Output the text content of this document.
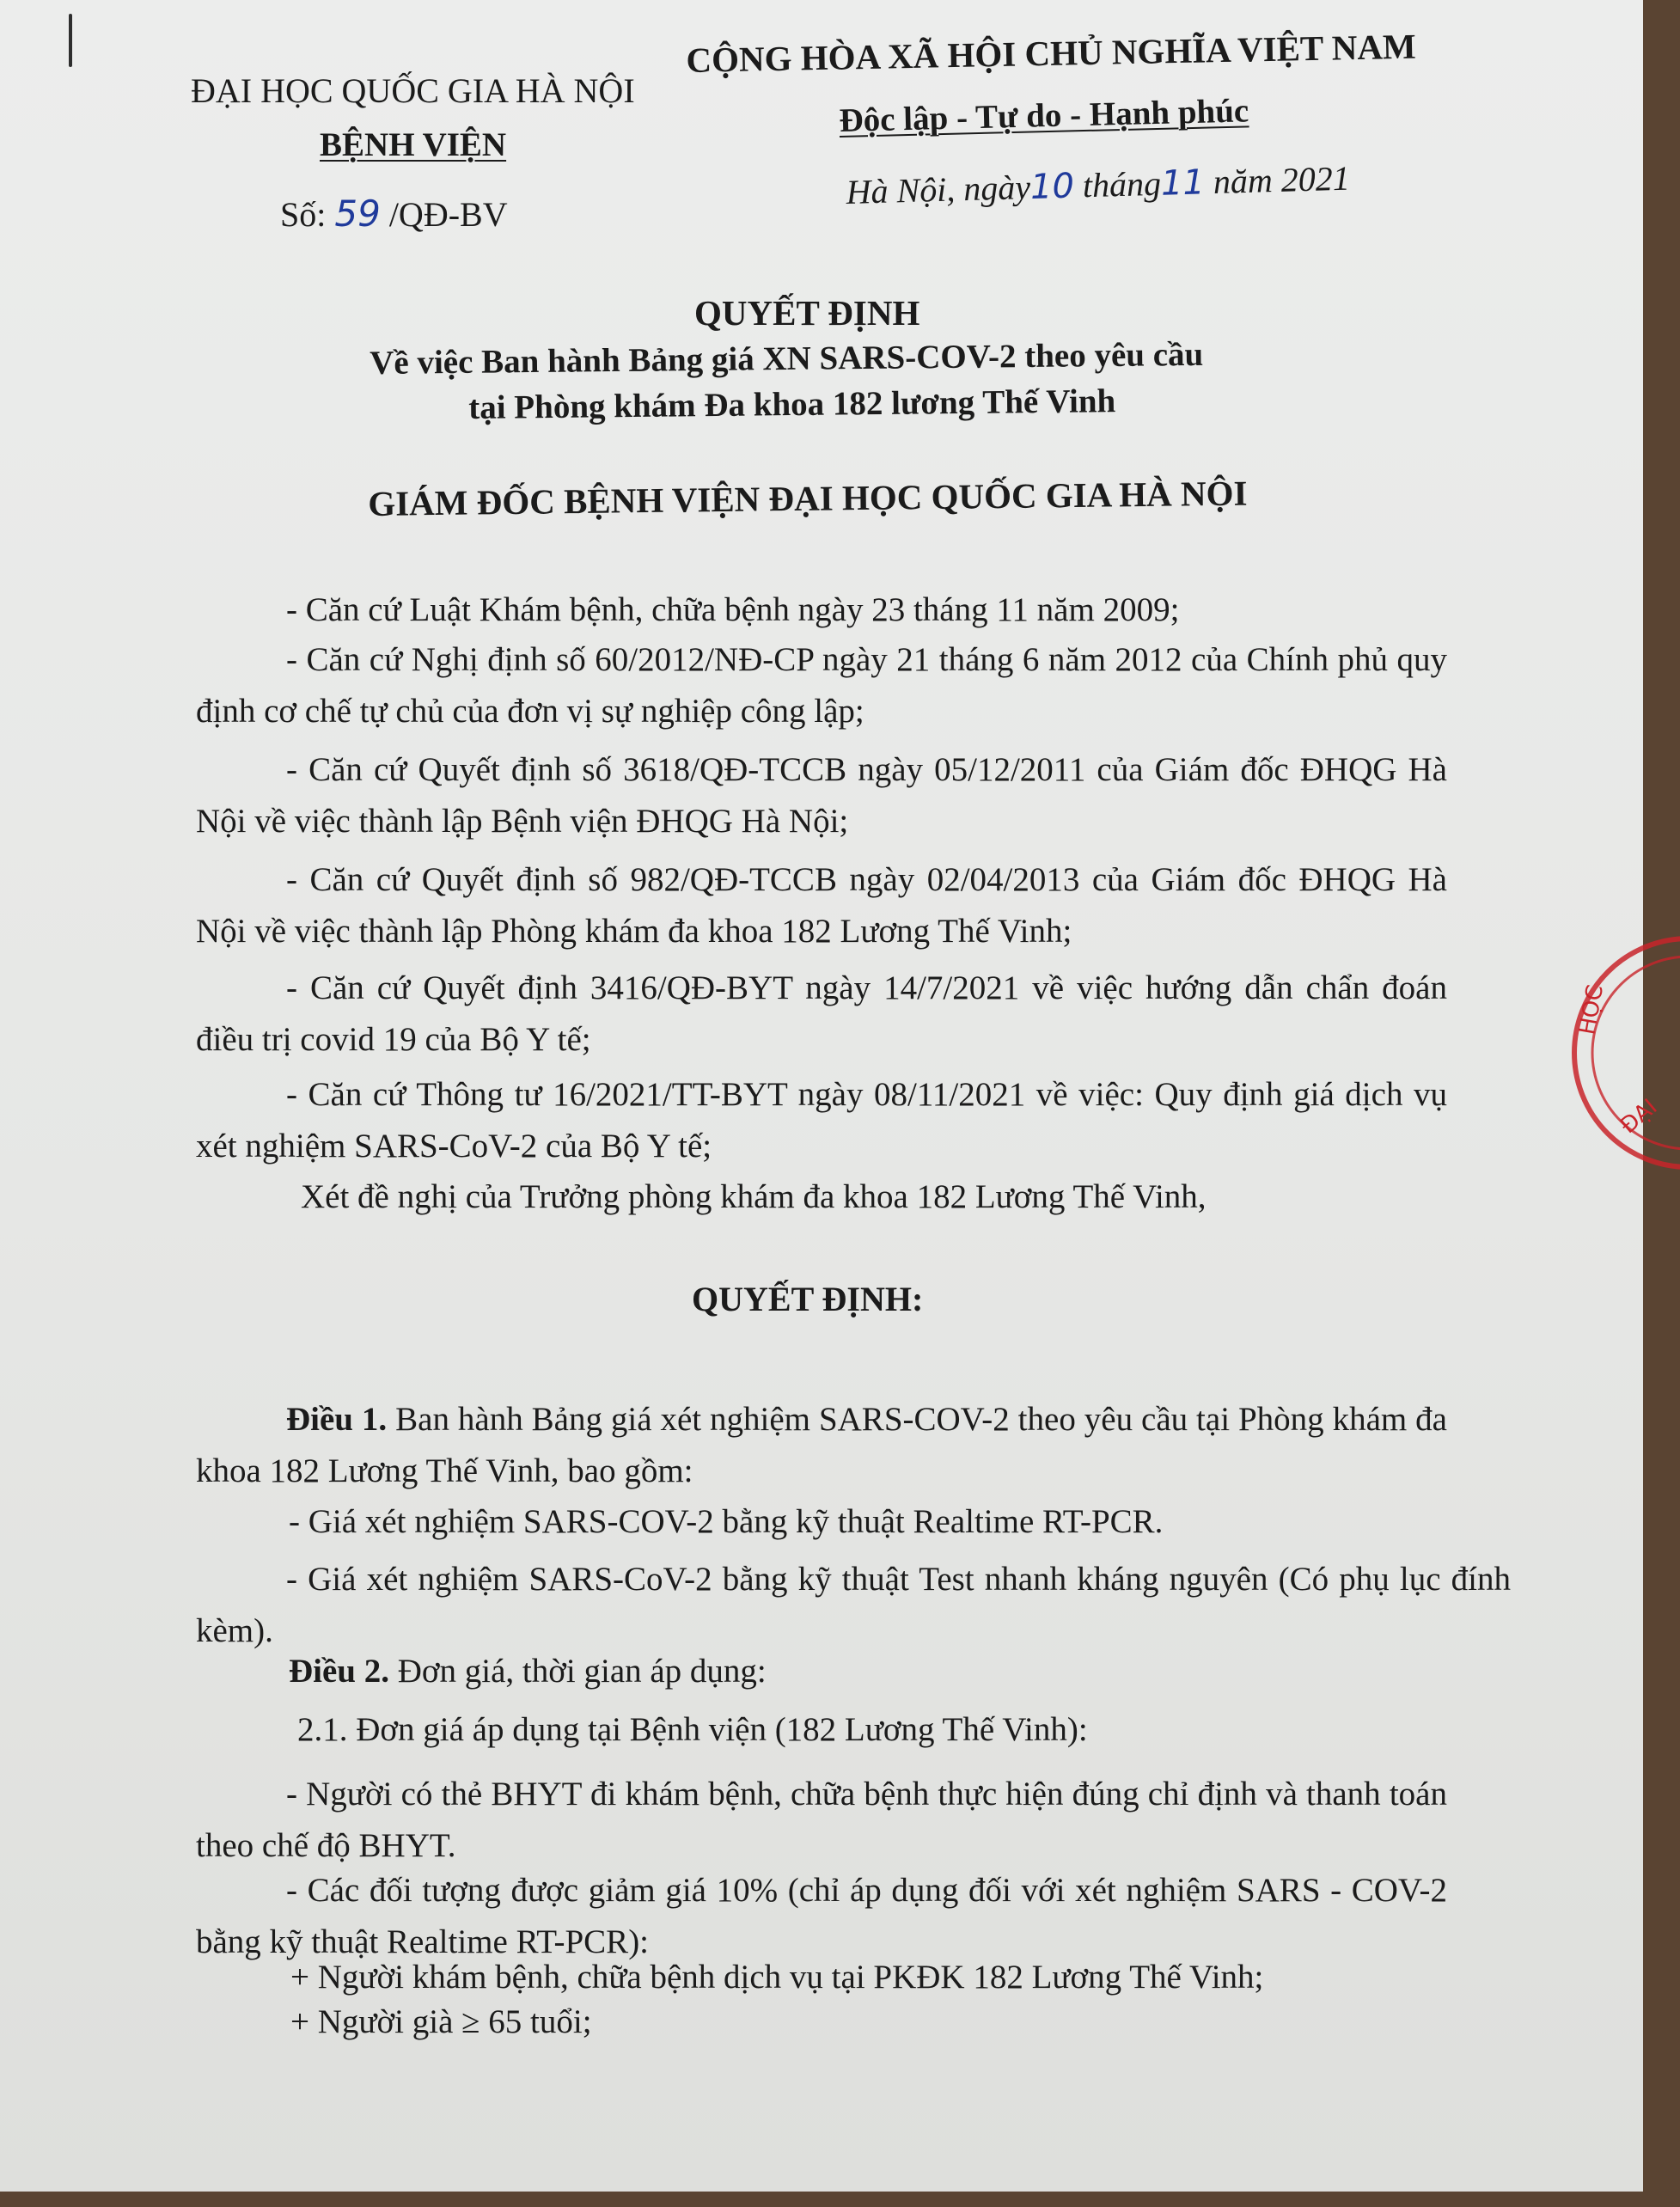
ĐẠI HỌC QUỐC GIA HÀ NỘI
BỆNH VIỆN
Số: 59 /QĐ-BV
CỘNG HÒA XÃ HỘI CHỦ NGHĨA VIỆT NAM
Độc lập - Tự do - Hạnh phúc
Hà Nội, ngày10 tháng11 năm 2021
QUYẾT ĐỊNH
Về việc Ban hành Bảng giá XN SARS-COV-2 theo yêu cầu
tại Phòng khám Đa khoa 182 lương Thế Vinh
GIÁM ĐỐC BỆNH VIỆN ĐẠI HỌC QUỐC GIA HÀ NỘI
- Căn cứ Luật Khám bệnh, chữa bệnh ngày 23 tháng 11 năm 2009;
- Căn cứ Nghị định số 60/2012/NĐ-CP ngày 21 tháng 6 năm 2012 của Chính phủ quy định cơ chế tự chủ của đơn vị sự nghiệp công lập;
- Căn cứ Quyết định số 3618/QĐ-TCCB ngày 05/12/2011 của Giám đốc ĐHQG Hà Nội về việc thành lập Bệnh viện ĐHQG Hà Nội;
- Căn cứ Quyết định số 982/QĐ-TCCB ngày 02/04/2013 của Giám đốc ĐHQG Hà Nội về việc thành lập Phòng khám đa khoa 182 Lương Thế Vinh;
- Căn cứ Quyết định 3416/QĐ-BYT ngày 14/7/2021 về việc hướng dẫn chẩn đoán điều trị covid 19 của Bộ Y tế;
- Căn cứ Thông tư 16/2021/TT-BYT ngày 08/11/2021 về việc: Quy định giá dịch vụ xét nghiệm SARS-CoV-2 của Bộ Y tế;
Xét đề nghị của Trưởng phòng khám đa khoa 182 Lương Thế Vinh,
QUYẾT ĐỊNH:
Điều 1. Ban hành Bảng giá xét nghiệm SARS-COV-2 theo yêu cầu tại Phòng khám đa khoa 182 Lương Thế Vinh, bao gồm:
- Giá xét nghiệm SARS-COV-2 bằng kỹ thuật Realtime RT-PCR.
- Giá xét nghiệm SARS-CoV-2 bằng kỹ thuật Test nhanh kháng nguyên (Có phụ lục đính kèm).
Điều 2. Đơn giá, thời gian áp dụng:
2.1. Đơn giá áp dụng tại Bệnh viện (182 Lương Thế Vinh):
- Người có thẻ BHYT đi khám bệnh, chữa bệnh thực hiện đúng chỉ định và thanh toán theo chế độ BHYT.
- Các đối tượng được giảm giá 10% (chỉ áp dụng đối với xét nghiệm SARS - COV-2 bằng kỹ thuật Realtime RT-PCR):
+ Người khám bệnh, chữa bệnh dịch vụ tại PKĐK 182 Lương Thế Vinh;
+ Người già ≥ 65 tuổi;
HỌC
ĐẠI
